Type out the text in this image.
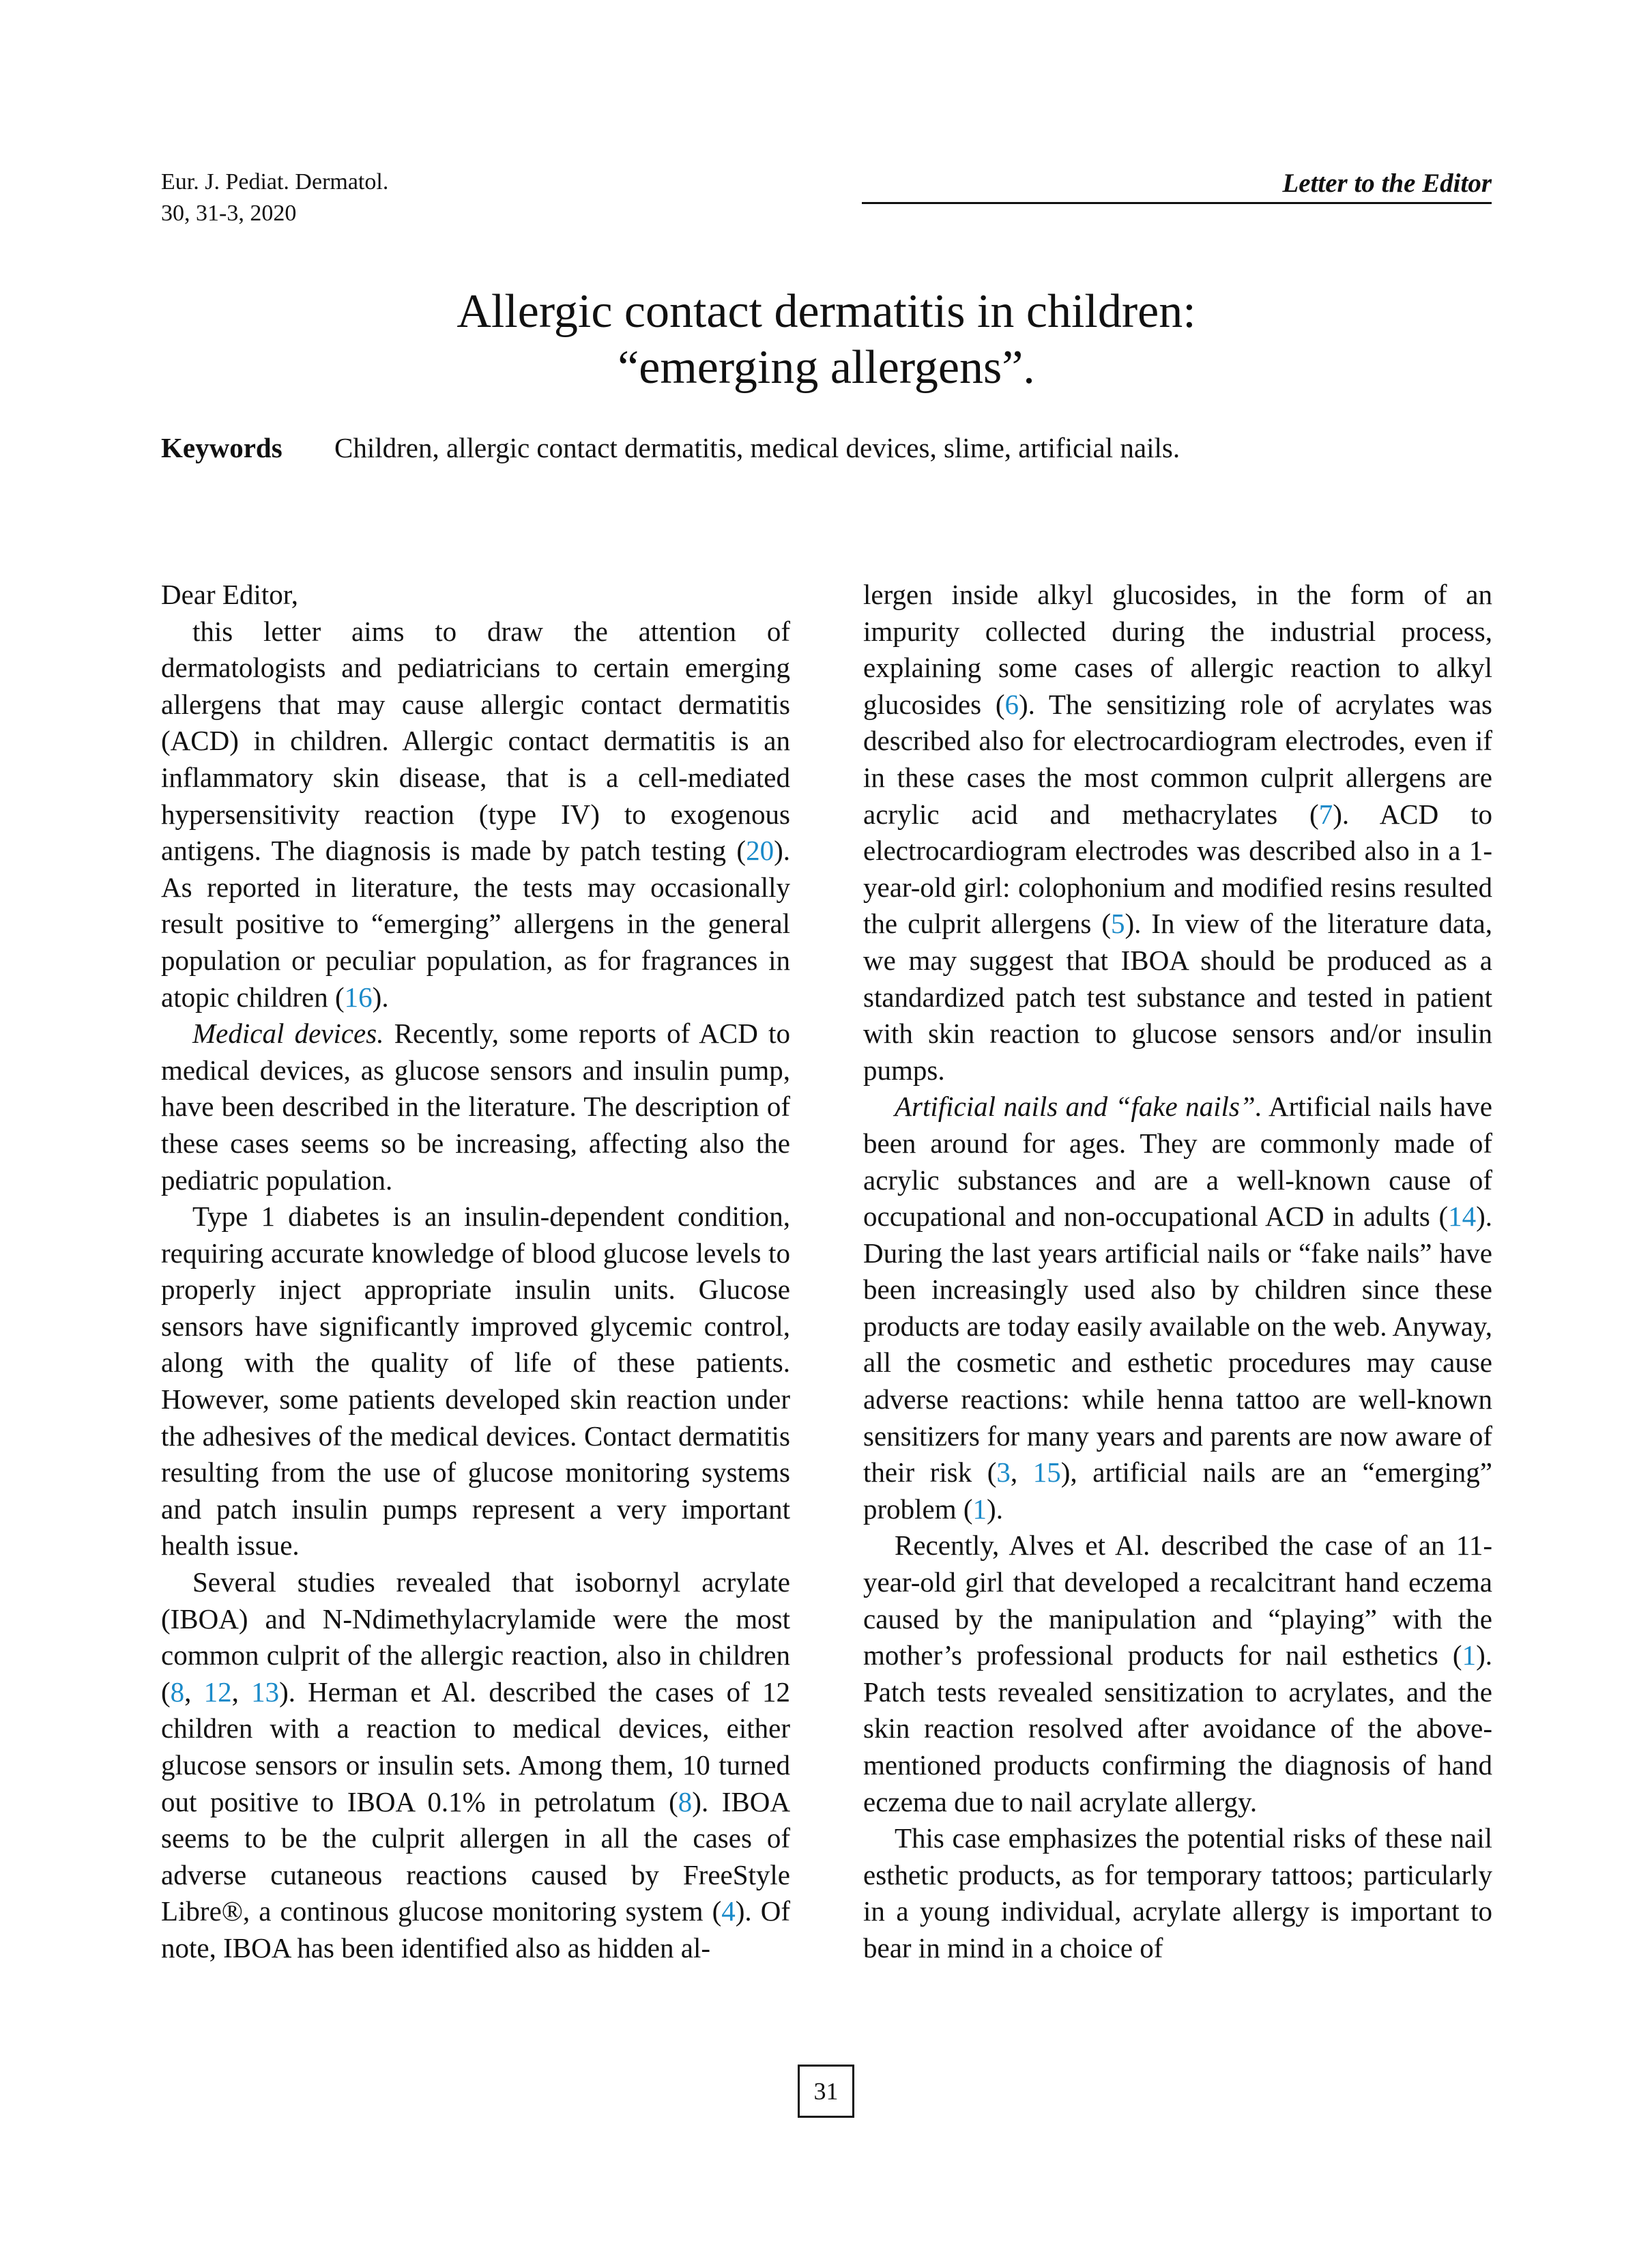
Eur. J. Pediat. Dermatol.
30, 31-3, 2020
Letter to the Editor
Allergic contact dermatitis in children:
“emerging allergens”.
Keywords Children, allergic contact dermatitis, medical devices, slime, artificial nails.

Dear Editor,

this letter aims to draw the attention of dermatologists and pediatricians to certain emerging allergens that may cause allergic contact dermatitis (ACD) in children. Allergic contact dermatitis is an inflammatory skin disease, that is a cell-mediated hypersensitivity reaction (type IV) to exogenous antigens. The diagnosis is made by patch testing (20). As reported in literature, the tests may occasionally result positive to “emerging” allergens in the general population or peculiar population, as for fragrances in atopic children (16).

Medical devices. Recently, some reports of ACD to medical devices, as glucose sensors and insulin pump, have been described in the literature. The description of these cases seems so be increasing, affecting also the pediatric population.

Type 1 diabetes is an insulin-dependent condition, requiring accurate knowledge of blood glucose levels to properly inject appropriate insulin units. Glucose sensors have significantly improved glycemic control, along with the quality of life of these patients. However, some patients developed skin reaction under the adhesives of the medical devices. Contact dermatitis resulting from the use of glucose monitoring systems and patch insulin pumps represent a very important health issue.

Several studies revealed that isobornyl acrylate (IBOA) and N-Ndimethylacrylamide were the most common culprit of the allergic reaction, also in children (8, 12, 13). Herman et Al. described the cases of 12 children with a reaction to medical devices, either glucose sensors or insulin sets. Among them, 10 turned out positive to IBOA 0.1% in petrolatum (8). IBOA seems to be the culprit allergen in all the cases of adverse cutaneous reactions caused by FreeStyle Libre®, a continous glucose monitoring system (4). Of note, IBOA has been identified also as hidden al-

lergen inside alkyl glucosides, in the form of an impurity collected during the industrial process, explaining some cases of allergic reaction to alkyl glucosides (6). The sensitizing role of acrylates was described also for electrocardiogram electrodes, even if in these cases the most common culprit allergens are acrylic acid and methacrylates (7). ACD to electrocardiogram electrodes was described also in a 1-year-old girl: colophonium and modified resins resulted the culprit allergens (5). In view of the literature data, we may suggest that IBOA should be produced as a standardized patch test substance and tested in patient with skin reaction to glucose sensors and/or insulin pumps.

Artificial nails and “fake nails”. Artificial nails have been around for ages. They are commonly made of acrylic substances and are a well-known cause of occupational and non-occupational ACD in adults (14). During the last years artificial nails or “fake nails” have been increasingly used also by children since these products are today easily available on the web. Anyway, all the cosmetic and esthetic procedures may cause adverse reactions: while henna tattoo are well-known sensitizers for many years and parents are now aware of their risk (3, 15), artificial nails are an “emerging” problem (1).

Recently, Alves et Al. described the case of an 11-year-old girl that developed a recalcitrant hand eczema caused by the manipulation and “playing” with the mother’s professional products for nail esthetics (1). Patch tests revealed sensitization to acrylates, and the skin reaction resolved after avoidance of the above-mentioned products confirming the diagnosis of hand eczema due to nail acrylate allergy.

This case emphasizes the potential risks of these nail esthetic products, as for temporary tattoos; particularly in a young individual, acrylate allergy is important to bear in mind in a choice of

31
